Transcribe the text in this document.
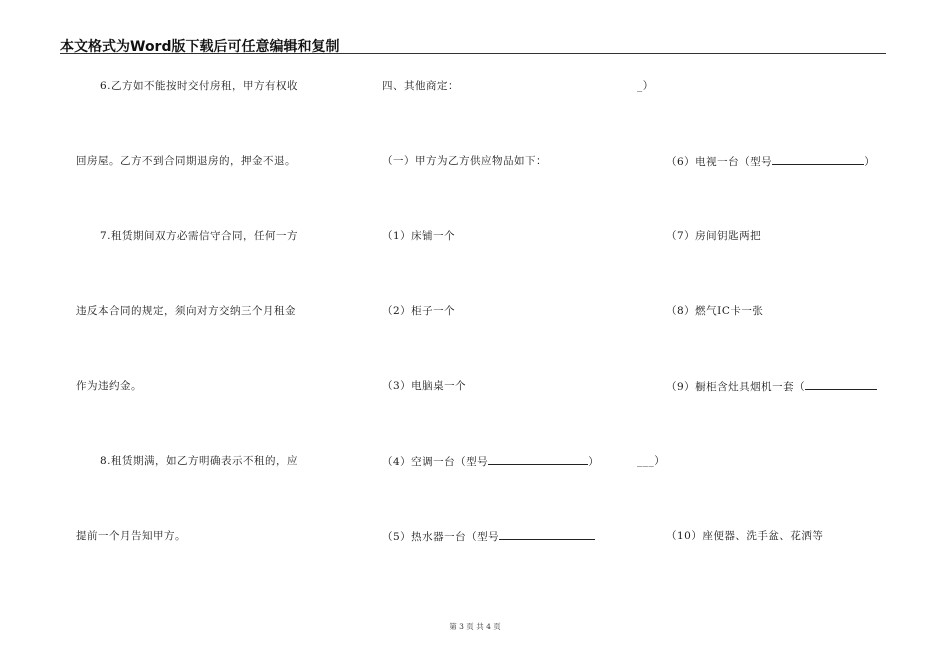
本文格式为Word版下载后可任意编辑和复制
6.乙方如不能按时交付房租，甲方有权收
回房屋。乙方不到合同期退房的，押金不退。
7.租赁期间双方必需信守合同，任何一方
违反本合同的规定，须向对方交纳三个月租金
作为违约金。
8.租赁期满，如乙方明确表示不租的，应
提前一个月告知甲方。
四、其他商定：
（一）甲方为乙方供应物品如下：
（1）床铺一个
（2）柜子一个
（3）电脑桌一个
（4）空调一台（型号	）
（5）热水器一台（型号
_）
（6）电视一台（型号	）
（7）房间钥匙两把
（8）燃气IC卡一张
（9）橱柜含灶具烟机一套（
___）
（10）座便器、洗手盆、花洒等
第 3 页 共 4 页
